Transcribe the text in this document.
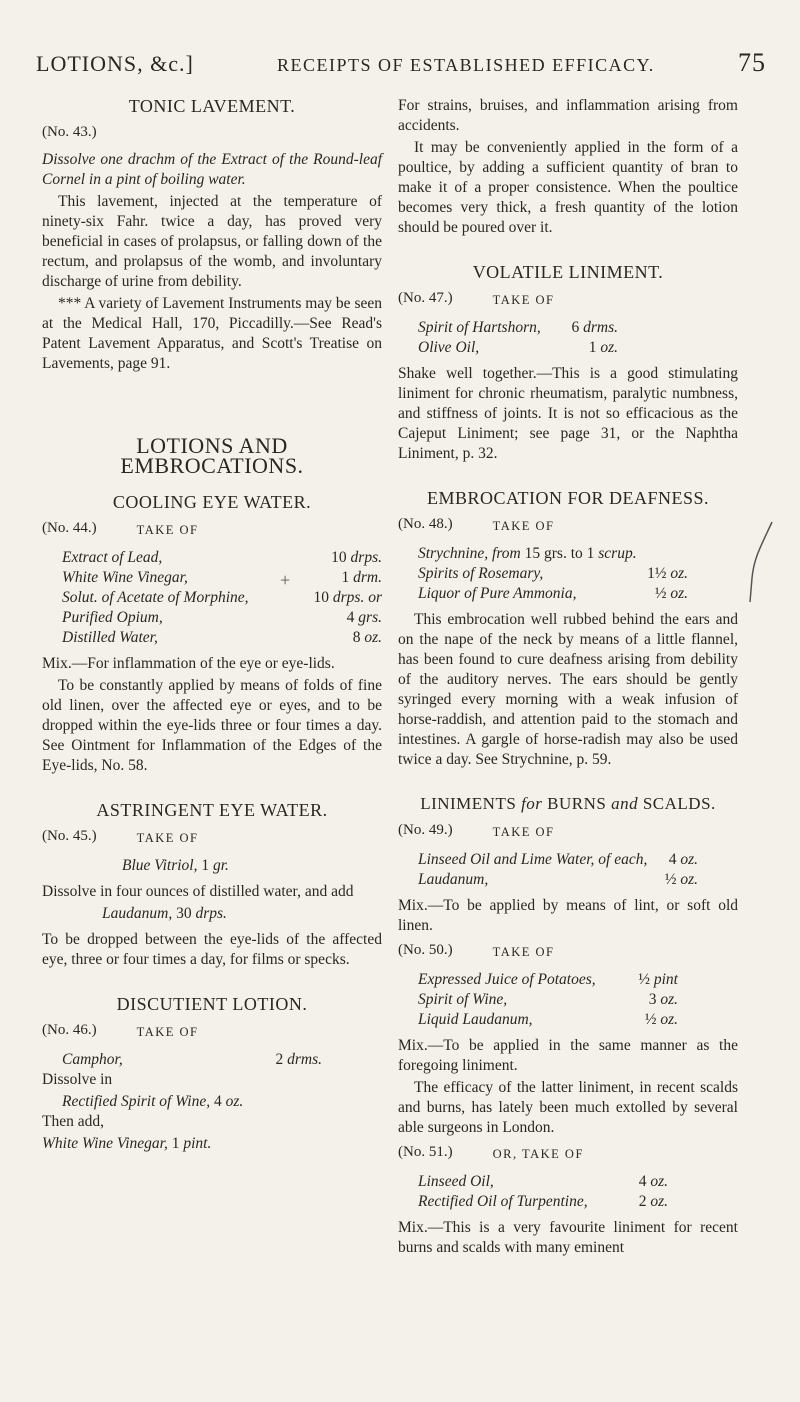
LOTIONS, &c.]	RECEIPTS OF ESTABLISHED EFFICACY.	75
TONIC LAVEMENT.
(No. 43.)

Dissolve one drachm of the Extract of the Round-leaf Cornel in a pint of boiling water.

This lavement, injected at the temperature of ninety-six Fahr. twice a day, has proved very beneficial in cases of prolapsus, or falling down of the rectum, and prolapsus of the womb, and involuntary discharge of urine from debility.

*** A variety of Lavement Instruments may be seen at the Medical Hall, 170, Piccadilly.—See Read's Patent Lavement Apparatus, and Scott's Treatise on Lavements, page 91.

LOTIONS AND EMBROCATIONS.
COOLING EYE WATER.
(No. 44.)	TAKE OF
Extract of Lead,	10 drps.
White Wine Vinegar,	1 drm.
Solut. of Acetate of Morphine,	10 drps. or
Purified Opium,	4 grs.
Distilled Water,	8 oz.

Mix.—For inflammation of the eye or eye-lids.

To be constantly applied by means of folds of fine old linen, over the affected eye or eyes, and to be dropped within the eye-lids three or four times a day. See Ointment for Inflammation of the Edges of the Eye-lids, No. 58.

ASTRINGENT EYE WATER.
(No. 45.)	TAKE OF
Blue Vitriol, 1 gr.

Dissolve in four ounces of distilled water, and add

Laudanum, 30 drps.

To be dropped between the eye-lids of the affected eye, three or four times a day, for films or specks.

DISCUTIENT LOTION.
(No. 46.)	TAKE OF
Camphor,	2 drms.

Dissolve in

Rectified Spirit of Wine, 4 oz.

Then add,

White Wine Vinegar, 1 pint.

For strains, bruises, and inflammation arising from accidents.

It may be conveniently applied in the form of a poultice, by adding a sufficient quantity of bran to make it of a proper consistence. When the poultice becomes very thick, a fresh quantity of the lotion should be poured over it.

VOLATILE LINIMENT.
(No. 47.)	TAKE OF
Spirit of Hartshorn, 6 drms.
Olive Oil,	1 oz.

Shake well together.—This is a good stimulating liniment for chronic rheumatism, paralytic numbness, and stiffness of joints. It is not so efficacious as the Cajeput Liniment; see page 31, or the Naphtha Liniment, p. 32.

EMBROCATION FOR DEAFNESS.
(No. 48.)	TAKE OF
Strychnine, from 15 grs. to 1 scrup.
Spirits of Rosemary,	1½ oz.
Liquor of Pure Ammonia,	½ oz.

This embrocation well rubbed behind the ears and on the nape of the neck by means of a little flannel, has been found to cure deafness arising from debility of the auditory nerves. The ears should be gently syringed every morning with a weak infusion of horse-raddish, and attention paid to the stomach and intestines. A gargle of horse-radish may also be used twice a day. See Strychnine, p. 59.

LINIMENTS for BURNS and SCALDS.
(No. 49.)	TAKE OF
Linseed Oil and Lime Water, of each, 4 oz.
Laudanum,	½ oz.

Mix.—To be applied by means of lint, or soft old linen.

(No. 50.)	TAKE OF
Expressed Juice of Potatoes,	½ pint
Spirit of Wine,	3 oz.
Liquid Laudanum,	½ oz.

Mix.—To be applied in the same manner as the foregoing liniment.

The efficacy of the latter liniment, in recent scalds and burns, has lately been much extolled by several able surgeons in London.

(No. 51.)	OR, TAKE OF
Linseed Oil,	4 oz.
Rectified Oil of Turpentine,	2 oz.

Mix.—This is a very favourite liniment for recent burns and scalds with many eminent

+
